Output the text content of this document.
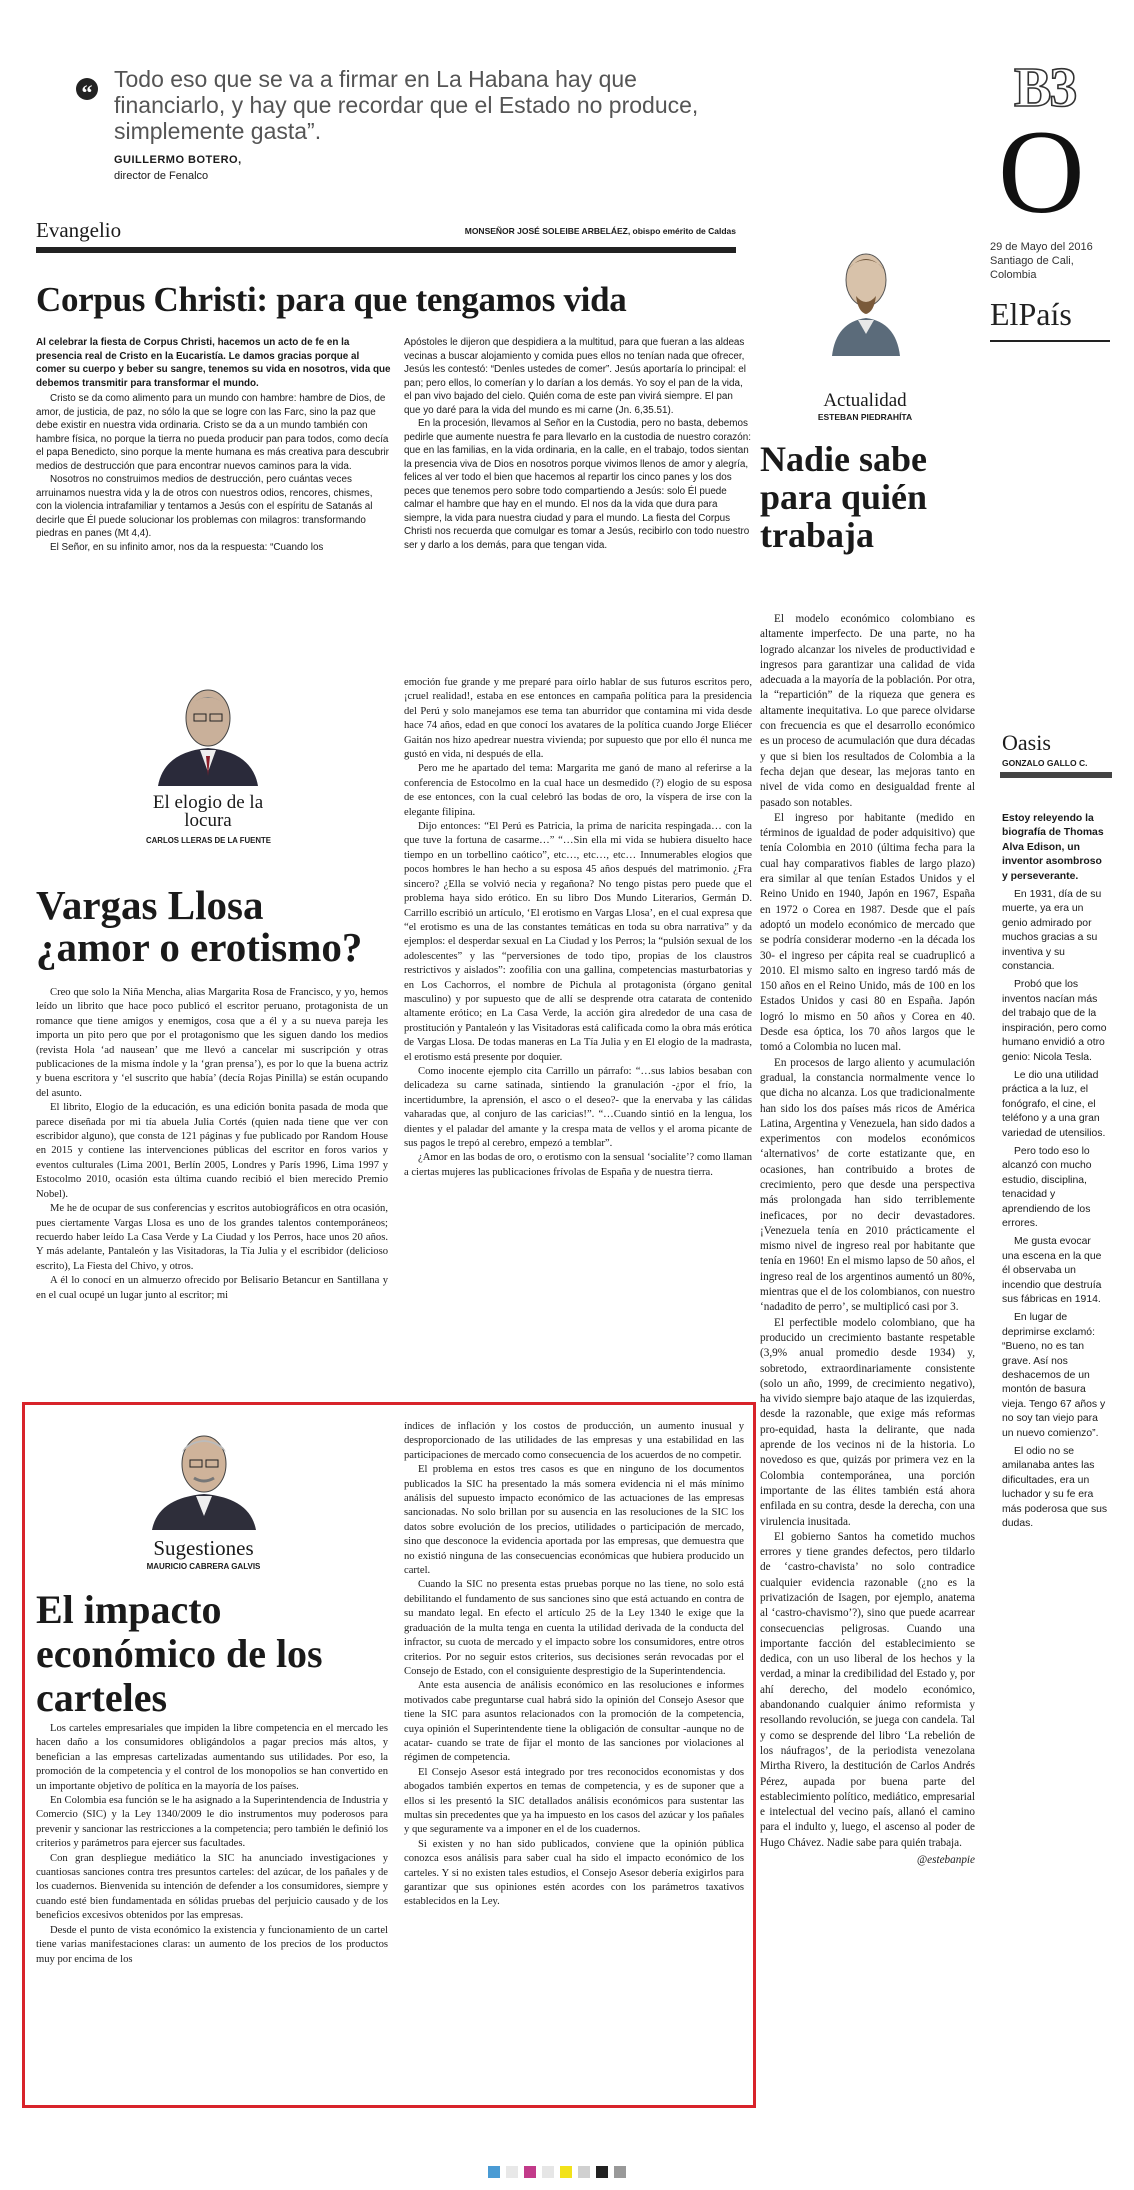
“
Todo eso que se va a firmar en La Habana hay que financiarlo, y hay que recordar que el Estado no produce, simplemente gasta”.
GUILLERMO BOTERO,
director de Fenalco
B3
O
29 de Mayo del 2016 Santiago de Cali, Colombia
ElPaís
Evangelio	MONSEÑOR JOSÉ SOLEIBE ARBELÁEZ, obispo emérito de Caldas
Corpus Christi: para que tengamos vida

Al celebrar la fiesta de Corpus Christi, hacemos un acto de fe en la presencia real de Cristo en la Eucaristía. Le damos gracias porque al comer su cuerpo y beber su sangre, tenemos su vida en nosotros, vida que debemos transmitir para transformar el mundo.

Cristo se da como alimento para un mundo con hambre: hambre de Dios, de amor, de justicia, de paz, no sólo la que se logre con las Farc, sino la paz que debe existir en nuestra vida ordinaria. Cristo se da a un mundo también con hambre física, no porque la tierra no pueda producir pan para todos, como decía el papa Benedicto, sino porque la mente humana es más creativa para descubrir medios de destrucción que para encontrar nuevos caminos para la vida.

Nosotros no construimos medios de destrucción, pero cuántas veces arruinamos nuestra vida y la de otros con nuestros odios, rencores, chismes, con la violencia intrafamiliar y tentamos a Jesús con el espíritu de Satanás al decirle que Él puede solucionar los problemas con milagros: transformando piedras en panes (Mt 4,4).

El Señor, en su infinito amor, nos da la respuesta: “Cuando los

Apóstoles le dijeron que despidiera a la multitud, para que fueran a las aldeas vecinas a buscar alojamiento y comida pues ellos no tenían nada que ofrecer, Jesús les contestó: “Denles ustedes de comer”. Jesús aportaría lo principal: el pan; pero ellos, lo comerían y lo darían a los demás. Yo soy el pan de la vida, el pan vivo bajado del cielo. Quién coma de este pan vivirá siempre. El pan que yo daré para la vida del mundo es mi carne (Jn. 6,35.51).

En la procesión, llevamos al Señor en la Custodia, pero no basta, debemos pedirle que aumente nuestra fe para llevarlo en la custodia de nuestro corazón: que en las familias, en la vida ordinaria, en la calle, en el trabajo, todos sientan la presencia viva de Dios en nosotros porque vivimos llenos de amor y alegría, felices al ver todo el bien que hacemos al repartir los cinco panes y los dos peces que tenemos pero sobre todo compartiendo a Jesús: solo Él puede calmar el hambre que hay en el mundo. El nos da la vida que dura para siempre, la vida para nuestra ciudad y para el mundo. La fiesta del Corpus Christi nos recuerda que comulgar es tomar a Jesús, recibirlo con todo nuestro ser y darlo a los demás, para que tengan vida.

Actualidad
ESTEBAN PIEDRAHÍTA
Nadie sabe para quién trabaja

El modelo económico colombiano es altamente imperfecto. De una parte, no ha logrado alcanzar los niveles de productividad e ingresos para garantizar una calidad de vida adecuada a la mayoría de la población. Por otra, la “repartición” de la riqueza que genera es altamente inequitativa. Lo que parece olvidarse con frecuencia es que el desarrollo económico es un proceso de acumulación que dura décadas y que si bien los resultados de Colombia a la fecha dejan que desear, las mejoras tanto en nivel de vida como en desigualdad frente al pasado son notables.

El ingreso por habitante (medido en términos de igualdad de poder adquisitivo) que tenía Colombia en 2010 (última fecha para la cual hay comparativos fiables de largo plazo) era similar al que tenían Estados Unidos y el Reino Unido en 1940, Japón en 1967, España en 1972 o Corea en 1987. Desde que el país adoptó un modelo económico de mercado que se podría considerar moderno -en la década los 30- el ingreso per cápita real se cuadruplicó a 2010. El mismo salto en ingreso tardó más de 150 años en el Reino Unido, más de 100 en los Estados Unidos y casi 80 en España. Japón logró lo mismo en 50 años y Corea en 40. Desde esa óptica, los 70 años largos que le tomó a Colombia no lucen mal.

En procesos de largo aliento y acumulación gradual, la constancia normalmente vence lo que dicha no alcanza. Los que tradicionalmente han sido los dos países más ricos de América Latina, Argentina y Venezuela, han sido dados a experimentos con modelos económicos ‘alternativos’ de corte estatizante que, en ocasiones, han contribuido a brotes de crecimiento, pero que desde una perspectiva más prolongada han sido terriblemente ineficaces, por no decir devastadores. ¡Venezuela tenía en 2010 prácticamente el mismo nivel de ingreso real por habitante que tenía en 1960! En el mismo lapso de 50 años, el ingreso real de los argentinos aumentó un 80%, mientras que el de los colombianos, con nuestro ‘nadadito de perro’, se multiplicó casi por 3.

El perfectible modelo colombiano, que ha producido un crecimiento bastante respetable (3,9% anual promedio desde 1934) y, sobretodo, extraordinariamente consistente (solo un año, 1999, de crecimiento negativo), ha vivido siempre bajo ataque de las izquierdas, desde la razonable, que exige más reformas pro-equidad, hasta la delirante, que nada aprende de los vecinos ni de la historia. Lo novedoso es que, quizás por primera vez en la Colombia contemporánea, una porción importante de las élites también está ahora enfilada en su contra, desde la derecha, con una virulencia inusitada.

El gobierno Santos ha cometido muchos errores y tiene grandes defectos, pero tildarlo de ‘castro-chavista’ no solo contradice cualquier evidencia razonable (¿no es la privatización de Isagen, por ejemplo, anatema al ‘castro-chavismo’?), sino que puede acarrear consecuencias peligrosas. Cuando una importante facción del establecimiento se dedica, con un uso liberal de los hechos y la verdad, a minar la credibilidad del Estado y, por ahí derecho, del modelo económico, abandonando cualquier ánimo reformista y resollando revolución, se juega con candela. Tal y como se desprende del libro ‘La rebelión de los náufragos’, de la periodista venezolana Mirtha Rivero, la destitución de Carlos Andrés Pérez, aupada por buena parte del establecimiento político, mediático, empresarial e intelectual del vecino país, allanó el camino para el indulto y, luego, el ascenso al poder de Hugo Chávez. Nadie sabe para quién trabaja.

@estebanpie

Oasis
GONZALO GALLO C.

Estoy releyendo la biografía de Thomas Alva Edison, un inventor asombroso y perseverante.

En 1931, día de su muerte, ya era un genio admirado por muchos gracias a su inventiva y su constancia.

Probó que los inventos nacían más del trabajo que de la inspiración, pero como humano envidió a otro genio: Nicola Tesla.

Le dio una utilidad práctica a la luz, el fonógrafo, el cine, el teléfono y a una gran variedad de utensilios.

Pero todo eso lo alcanzó con mucho estudio, disciplina, tenacidad y aprendiendo de los errores.

Me gusta evocar una escena en la que él observaba un incendio que destruía sus fábricas en 1914.

En lugar de deprimirse exclamó: “Bueno, no es tan grave. Así nos deshacemos de un montón de basura vieja. Tengo 67 años y no soy tan viejo para un nuevo comienzo”.

El odio no se amilanaba antes las dificultades, era un luchador y su fe era más poderosa que sus dudas.

El elogio de la locura
CARLOS LLERAS DE LA FUENTE
Vargas Llosa ¿amor o erotismo?

Creo que solo la Niña Mencha, alias Margarita Rosa de Francisco, y yo, hemos leído un librito que hace poco publicó el escritor peruano, protagonista de un romance que tiene amigos y enemigos, cosa que a él y a su nueva pareja les importa un pito pero que por el protagonismo que les siguen dando los medios (revista Hola ‘ad nausean’ que me llevó a cancelar mi suscripción y otras publicaciones de la misma índole y la ‘gran prensa’), es por lo que la buena actriz y buena escritora y ‘el suscrito que había’ (decía Rojas Pinilla) se están ocupando del asunto.

El librito, Elogio de la educación, es una edición bonita pasada de moda que parece diseñada por mi tía abuela Julia Cortés (quien nada tiene que ver con escribidor alguno), que consta de 121 páginas y fue publicado por Random House en 2015 y contiene las intervenciones públicas del escritor en foros varios y eventos culturales (Lima 2001, Berlín 2005, Londres y París 1996, Lima 1997 y Estocolmo 2010, ocasión esta última cuando recibió el bien merecido Premio Nobel).

Me he de ocupar de sus conferencias y escritos autobiográficos en otra ocasión, pues ciertamente Vargas Llosa es uno de los grandes talentos contemporáneos; recuerdo haber leído La Casa Verde y La Ciudad y los Perros, hace unos 20 años. Y más adelante, Pantaleón y las Visitadoras, la Tía Julia y el escribidor (delicioso escrito), La Fiesta del Chivo, y otros.

A él lo conocí en un almuerzo ofrecido por Belisario Betancur en Santillana y en el cual ocupé un lugar junto al escritor; mi

emoción fue grande y me preparé para oírlo hablar de sus futuros escritos pero, ¡cruel realidad!, estaba en ese entonces en campaña política para la presidencia del Perú y solo manejamos ese tema tan aburridor que contamina mi vida desde hace 74 años, edad en que conocí los avatares de la política cuando Jorge Eliécer Gaitán nos hizo apedrear nuestra vivienda; por supuesto que por ello él nunca me gustó en vida, ni después de ella.

Pero me he apartado del tema: Margarita me ganó de mano al referirse a la conferencia de Estocolmo en la cual hace un desmedido (?) elogio de su esposa de ese entonces, con la cual celebró las bodas de oro, la víspera de irse con la elegante filipina.

Dijo entonces: “El Perú es Patricia, la prima de naricita respingada… con la que tuve la fortuna de casarme…” “…Sin ella mi vida se hubiera disuelto hace tiempo en un torbellino caótico”, etc…, etc…, etc… Innumerables elogios que pocos hombres le han hecho a su esposa 45 años después del matrimonio. ¿Fra sincero? ¿Ella se volvió necia y regañona? No tengo pistas pero puede que el problema haya sido erótico. En su libro Dos Mundo Literarios, Germán D. Carrillo escribió un artículo, ‘El erotismo en Vargas Llosa’, en el cual expresa que “el erotismo es una de las constantes temáticas en toda su obra narrativa” y da ejemplos: el desperdar sexual en La Ciudad y los Perros; la “pulsión sexual de los adolescentes” y las “perversiones de todo tipo, propias de los claustros restrictivos y aislados”: zoofilia con una gallina, competencias masturbatorias y en Los Cachorros, el nombre de Pichula al protagonista (órgano genital masculino) y por supuesto que de allí se desprende otra catarata de contenido altamente erótico; en La Casa Verde, la acción gira alrededor de una casa de prostitución y Pantaleón y las Visitadoras está calificada como la obra más erótica de Vargas Llosa. De todas maneras en La Tía Julia y en El elogio de la madrasta, el erotismo está presente por doquier.

Como inocente ejemplo cita Carrillo un párrafo: “…sus labios besaban con delicadeza su carne satinada, sintiendo la granulación -¿por el frío, la incertidumbre, la aprensión, el asco o el deseo?- que la enervaba y las cálidas vaharadas que, al conjuro de las caricias!”. “…Cuando sintió en la lengua, los dientes y el paladar del amante y la crespa mata de vellos y el aroma picante de sus pagos le trepó al cerebro, empezó a temblar”.

¿Amor en las bodas de oro, o erotismo con la sensual ‘socialite’? como llaman a ciertas mujeres las publicaciones frívolas de España y de nuestra tierra.

Sugestiones
MAURICIO CABRERA GALVIS
El impacto económico de los carteles

Los carteles empresariales que impiden la libre competencia en el mercado les hacen daño a los consumidores obligándolos a pagar precios más altos, y benefician a las empresas cartelizadas aumentando sus utilidades. Por eso, la promoción de la competencia y el control de los monopolios se han convertido en un importante objetivo de política en la mayoría de los países.

En Colombia esa función se le ha asignado a la Superintendencia de Industria y Comercio (SIC) y la Ley 1340/2009 le dio instrumentos muy poderosos para prevenir y sancionar las restricciones a la competencia; pero también le definió los criterios y parámetros para ejercer sus facultades.

Con gran despliegue mediático la SIC ha anunciado investigaciones y cuantiosas sanciones contra tres presuntos carteles: del azúcar, de los pañales y de los cuadernos. Bienvenida su intención de defender a los consumidores, siempre y cuando esté bien fundamentada en sólidas pruebas del perjuicio causado y de los beneficios excesivos obtenidos por las empresas.

Desde el punto de vista económico la existencia y funcionamiento de un cartel tiene varias manifestaciones claras: un aumento de los precios de los productos muy por encima de los

índices de inflación y los costos de producción, un aumento inusual y desproporcionado de las utilidades de las empresas y una estabilidad en las participaciones de mercado como consecuencia de los acuerdos de no competir.

El problema en estos tres casos es que en ninguno de los documentos publicados la SIC ha presentado la más somera evidencia ni el más mínimo análisis del supuesto impacto económico de las actuaciones de las empresas sancionadas. No solo brillan por su ausencia en las resoluciones de la SIC los datos sobre evolución de los precios, utilidades o participación de mercado, sino que desconoce la evidencia aportada por las empresas, que demuestra que no existió ninguna de las consecuencias económicas que hubiera producido un cartel.

Cuando la SIC no presenta estas pruebas porque no las tiene, no solo está debilitando el fundamento de sus sanciones sino que está actuando en contra de su mandato legal. En efecto el artículo 25 de la Ley 1340 le exige que la graduación de la multa tenga en cuenta la utilidad derivada de la conducta del infractor, su cuota de mercado y el impacto sobre los consumidores, entre otros criterios. Por no seguir estos criterios, sus decisiones serán revocadas por el Consejo de Estado, con el consiguiente desprestigio de la Superintendencia.

Ante esta ausencia de análisis económico en las resoluciones e informes motivados cabe preguntarse cual habrá sido la opinión del Consejo Asesor que tiene la SIC para asuntos relacionados con la promoción de la competencia, cuya opinión el Superintendente tiene la obligación de consultar -aunque no de acatar- cuando se trate de fijar el monto de las sanciones por violaciones al régimen de competencia.

El Consejo Asesor está integrado por tres reconocidos economistas y dos abogados también expertos en temas de competencia, y es de suponer que a ellos si les presentó la SIC detallados análisis económicos para sustentar las multas sin precedentes que ya ha impuesto en los casos del azúcar y los pañales y que seguramente va a imponer en el de los cuadernos.

Si existen y no han sido publicados, conviene que la opinión pública conozca esos análisis para saber cual ha sido el impacto económico de los carteles. Y si no existen tales estudios, el Consejo Asesor debería exigirlos para garantizar que sus opiniones estén acordes con los parámetros taxativos establecidos en la Ley.
